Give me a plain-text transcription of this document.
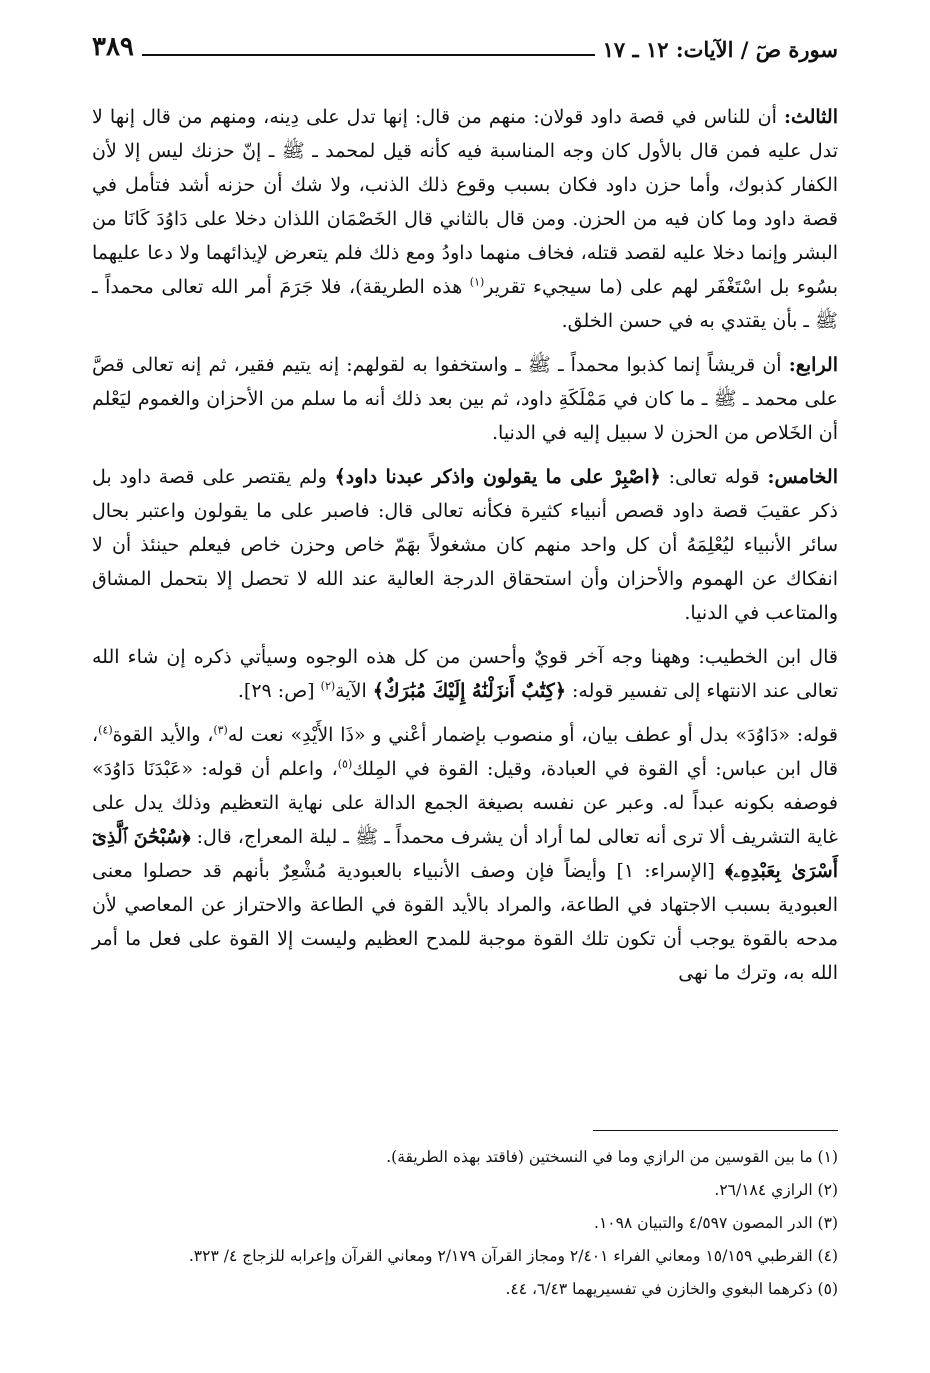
سورة صٓ / الآيات: ١٢ ـ ١٧
٣٨٩

الثالث: أن للناس في قصة داود قولان: منهم من قال: إنها تدل على دِينه، ومنهم من قال إنها لا تدل عليه فمن قال بالأول كان وجه المناسبة فيه كأنه قيل لمحمد ـ ﷺ ـ إنّ حزنك ليس إلا لأن الكفار كذبوك، وأما حزن داود فكان بسبب وقوع ذلك الذنب، ولا شك أن حزنه أشد فتأمل في قصة داود وما كان فيه من الحزن. ومن قال بالثاني قال الخَصْمَان اللذان دخلا على دَاوُدَ كَانَا من البشر وإنما دخلا عليه لقصد قتله، فخاف منهما داودُ ومع ذلك فلم يتعرض لإيذائهما ولا دعا عليهما بسُوء بل اسْتَغْفَر لهم على (ما سيجيء تقرير$^{(١)}$ هذه الطريقة)، فلا جَرَمَ أمر الله تعالى محمداً ـ ﷺ ـ بأن يقتدي به في حسن الخلق.

الرابع: أن قريشاً إنما كذبوا محمداً ـ ﷺ ـ واستخفوا به لقولهم: إنه يتيم فقير، ثم إنه تعالى قصَّ على محمد ـ ﷺ ـ ما كان في مَمْلَكَةِ داود، ثم بين بعد ذلك أنه ما سلم من الأحزان والغموم ليَعْلم أن الخَلاص من الحزن لا سبيل إليه في الدنيا.

الخامس: قوله تعالى: ﴿اصْبِرْ على ما يقولون واذكر عبدنا داود﴾ ولم يقتصر على قصة داود بل ذكر عقيبَ قصة داود قصص أنبياء كثيرة فكأنه تعالى قال: فاصبر على ما يقولون واعتبر بحال سائر الأنبياء ليُعْلِمَهُ أن كل واحد منهم كان مشغولاً بهَمّ خاص وحزن خاص فيعلم حينئذ أن لا انفكاك عن الهموم والأحزان وأن استحقاق الدرجة العالية عند الله لا تحصل إلا بتحمل المشاق والمتاعب في الدنيا.

قال ابن الخطيب: وههنا وجه آخر قويٌ وأحسن من كل هذه الوجوه وسيأتي ذكره إن شاء الله تعالى عند الانتهاء إلى تفسير قوله: ﴿كِتَٰبٌ أَنزَلْنَٰهُ إِلَيْكَ مُبَٰرَكٌ﴾ الآية$^{(٢)}$ [ص: ٢٩].

قوله: «دَاوُدَ» بدل أو عطف بيان، أو منصوب بإضمار أعْني و «ذَا الأَيْدِ» نعت له$^{(٣)}$، والأيد القوة$^{(٤)}$، قال ابن عباس: أي القوة في العبادة، وقيل: القوة في المِلك$^{(٥)}$، واعلم أن قوله: «عَبْدَنَا دَاوُدَ» فوصفه بكونه عبداً له. وعبر عن نفسه بصيغة الجمع الدالة على نهاية التعظيم وذلك يدل على غاية التشريف ألا ترى أنه تعالى لما أراد أن يشرف محمداً ـ ﷺ ـ ليلة المعراج، قال: ﴿سُبْحَٰنَ ٱلَّذِىٓ أَسْرَىٰ بِعَبْدِهِۦ﴾ [الإسراء: ١] وأيضاً فإن وصف الأنبياء بالعبودية مُشْعِرٌ بأنهم قد حصلوا معنى العبودية بسبب الاجتهاد في الطاعة، والمراد بالأيد القوة في الطاعة والاحتراز عن المعاصي لأن مدحه بالقوة يوجب أن تكون تلك القوة موجبة للمدح العظيم وليست إلا القوة على فعل ما أمر الله به، وترك ما نهى

(١) ما بين القوسين من الرازي وما في النسختين (فاقتد بهذه الطريقة).

(٢) الرازي ٢٦/١٨٤.

(٣) الدر المصون ٤/٥٩٧ والتبيان ١٠٩٨.

(٤) القرطبي ١٥/١٥٩ ومعاني الفراء ٢/٤٠١ ومجاز القرآن ٢/١٧٩ ومعاني القرآن وإعرابه للزجاج ٤/ ٣٢٣.

(٥) ذكرهما البغوي والخازن في تفسيريهما ٦/٤٣، ٤٤.
